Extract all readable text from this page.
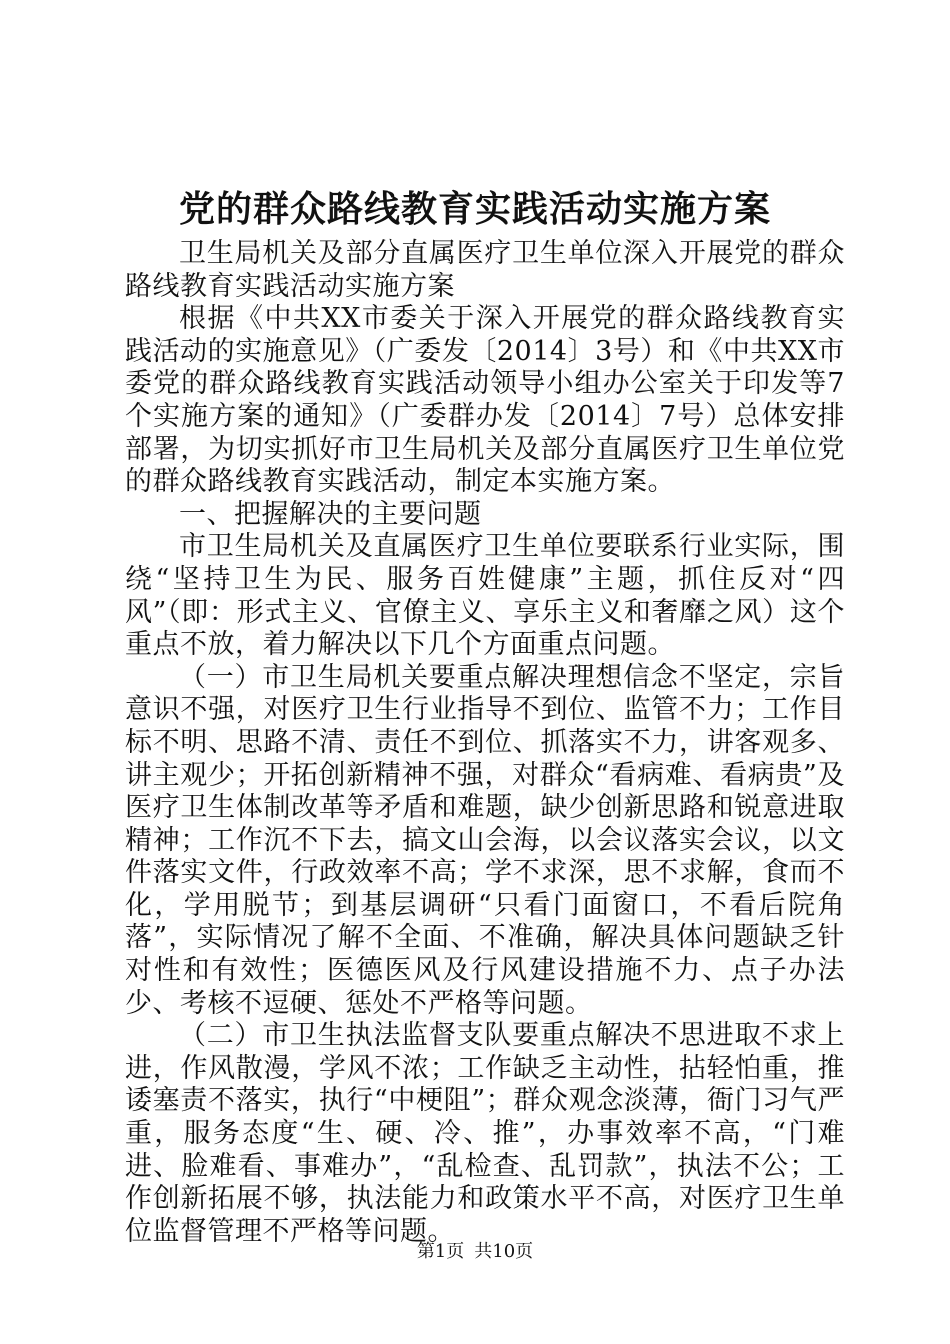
党的群众路线教育实践活动实施方案

卫生局机关及部分直属医疗卫生单位深入开展党的群众路线教育实践活动实施方案

根据《中共XX市委关于深入开展党的群众路线教育实践活动的实施意见》（广委发〔2014〕3号）和《中共XX市委党的群众路线教育实践活动领导小组办公室关于印发等7个实施方案的通知》（广委群办发〔2014〕7号）总体安排部署，为切实抓好市卫生局机关及部分直属医疗卫生单位党的群众路线教育实践活动，制定本实施方案。

一、把握解决的主要问题

市卫生局机关及直属医疗卫生单位要联系行业实际，围绕“坚持卫生为民、服务百姓健康”主题，抓住反对“四风”（即：形式主义、官僚主义、享乐主义和奢靡之风）这个重点不放，着力解决以下几个方面重点问题。

（一）市卫生局机关要重点解决理想信念不坚定，宗旨意识不强，对医疗卫生行业指导不到位、监管不力；工作目标不明、思路不清、责任不到位、抓落实不力，讲客观多、讲主观少；开拓创新精神不强，对群众“看病难、看病贵”及医疗卫生体制改革等矛盾和难题，缺少创新思路和锐意进取精神；工作沉不下去，搞文山会海，以会议落实会议，以文件落实文件，行政效率不高；学不求深，思不求解，食而不化，学用脱节；到基层调研“只看门面窗口，不看后院角落”，实际情况了解不全面、不准确，解决具体问题缺乏针对性和有效性；医德医风及行风建设措施不力、点子办法少、考核不逗硬、惩处不严格等问题。

（二）市卫生执法监督支队要重点解决不思进取不求上进，作风散漫，学风不浓；工作缺乏主动性，拈轻怕重，推诿塞责不落实，执行“中梗阻”；群众观念淡薄，衙门习气严重，服务态度“生、硬、冷、推”，办事效率不高，“门难进、脸难看、事难办”，“乱检查、乱罚款”，执法不公；工作创新拓展不够，执法能力和政策水平不高，对医疗卫生单位监督管理不严格等问题。

第1页 共10页
